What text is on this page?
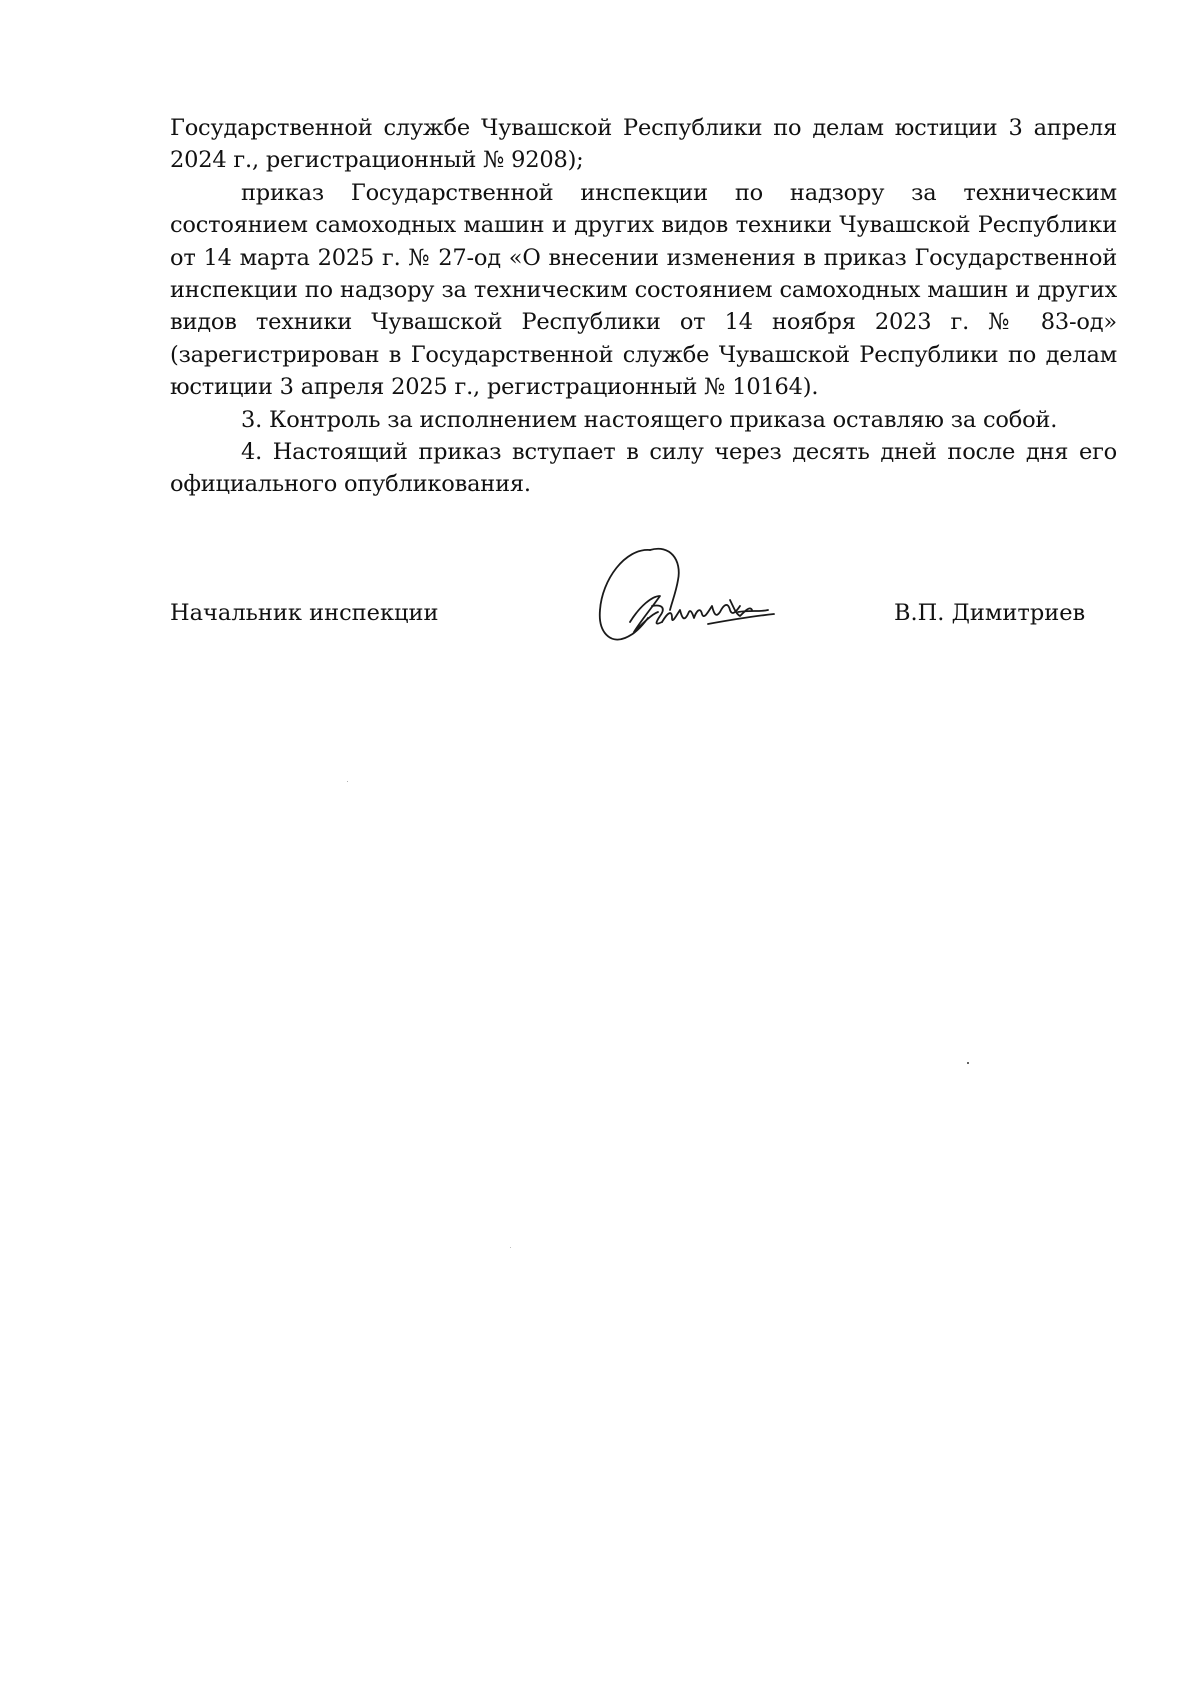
Государственной службе Чувашской Республики по делам юстиции 3 апреля 2024 г., регистрационный № 9208);

приказ Государственной инспекции по надзору за техническим состоянием самоходных машин и других видов техники Чувашской Республики от 14 марта 2025 г. № 27-од «О внесении изменения в приказ Государственной инспекции по надзору за техническим состоянием самоходных машин и других видов техники Чувашской Республики от 14 ноября 2023 г. № 83-од» (зарегистрирован в Государственной службе Чувашской Республики по делам юстиции 3 апреля 2025 г., регистрационный № 10164).

3. Контроль за исполнением настоящего приказа оставляю за собой.

4. Настоящий приказ вступает в силу через десять дней после дня его официального опубликования.

Начальник инспекции	В.П. Димитриев
